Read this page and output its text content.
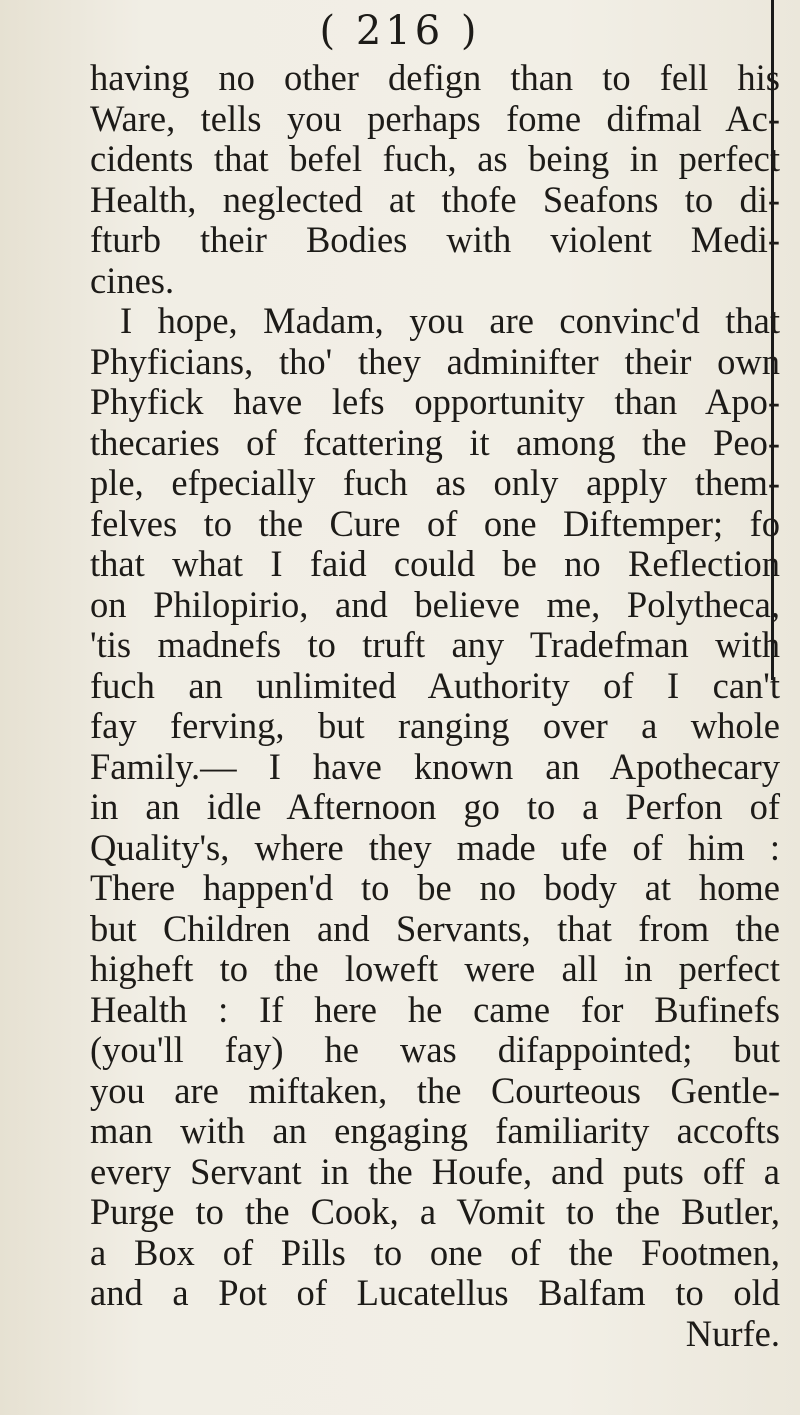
( 216 )
having no other defign than to fell his
Ware, tells you perhaps fome difmal Ac-
cidents that befel fuch, as being in perfect
Health, neglected at thofe Seafons to di-
fturb their Bodies with violent Medi-
cines.
I hope, Madam, you are convinc'd that
Phyficians, tho' they adminifter their own
Phyfick have lefs opportunity than Apo-
thecaries of fcattering it among the Peo-
ple, efpecially fuch as only apply them-
felves to the Cure of one Diftemper; fo
that what I faid could be no Reflection
on Philopirio, and believe me, Polytheca,
'tis madnefs to truft any Tradefman with
fuch an unlimited Authority of I can't
fay ferving, but ranging over a whole
Family.— I have known an Apothecary
in an idle Afternoon go to a Perfon of
Quality's, where they made ufe of him :
There happen'd to be no body at home
but Children and Servants, that from the
higheft to the loweft were all in perfect
Health : If here he came for Bufinefs
(you'll fay) he was difappointed; but
you are miftaken, the Courteous Gentle-
man with an engaging familiarity accofts
every Servant in the Houfe, and puts off a
Purge to the Cook, a Vomit to the Butler,
a Box of Pills to one of the Footmen,
and a Pot of Lucatellus Balfam to old
Nurfe.
